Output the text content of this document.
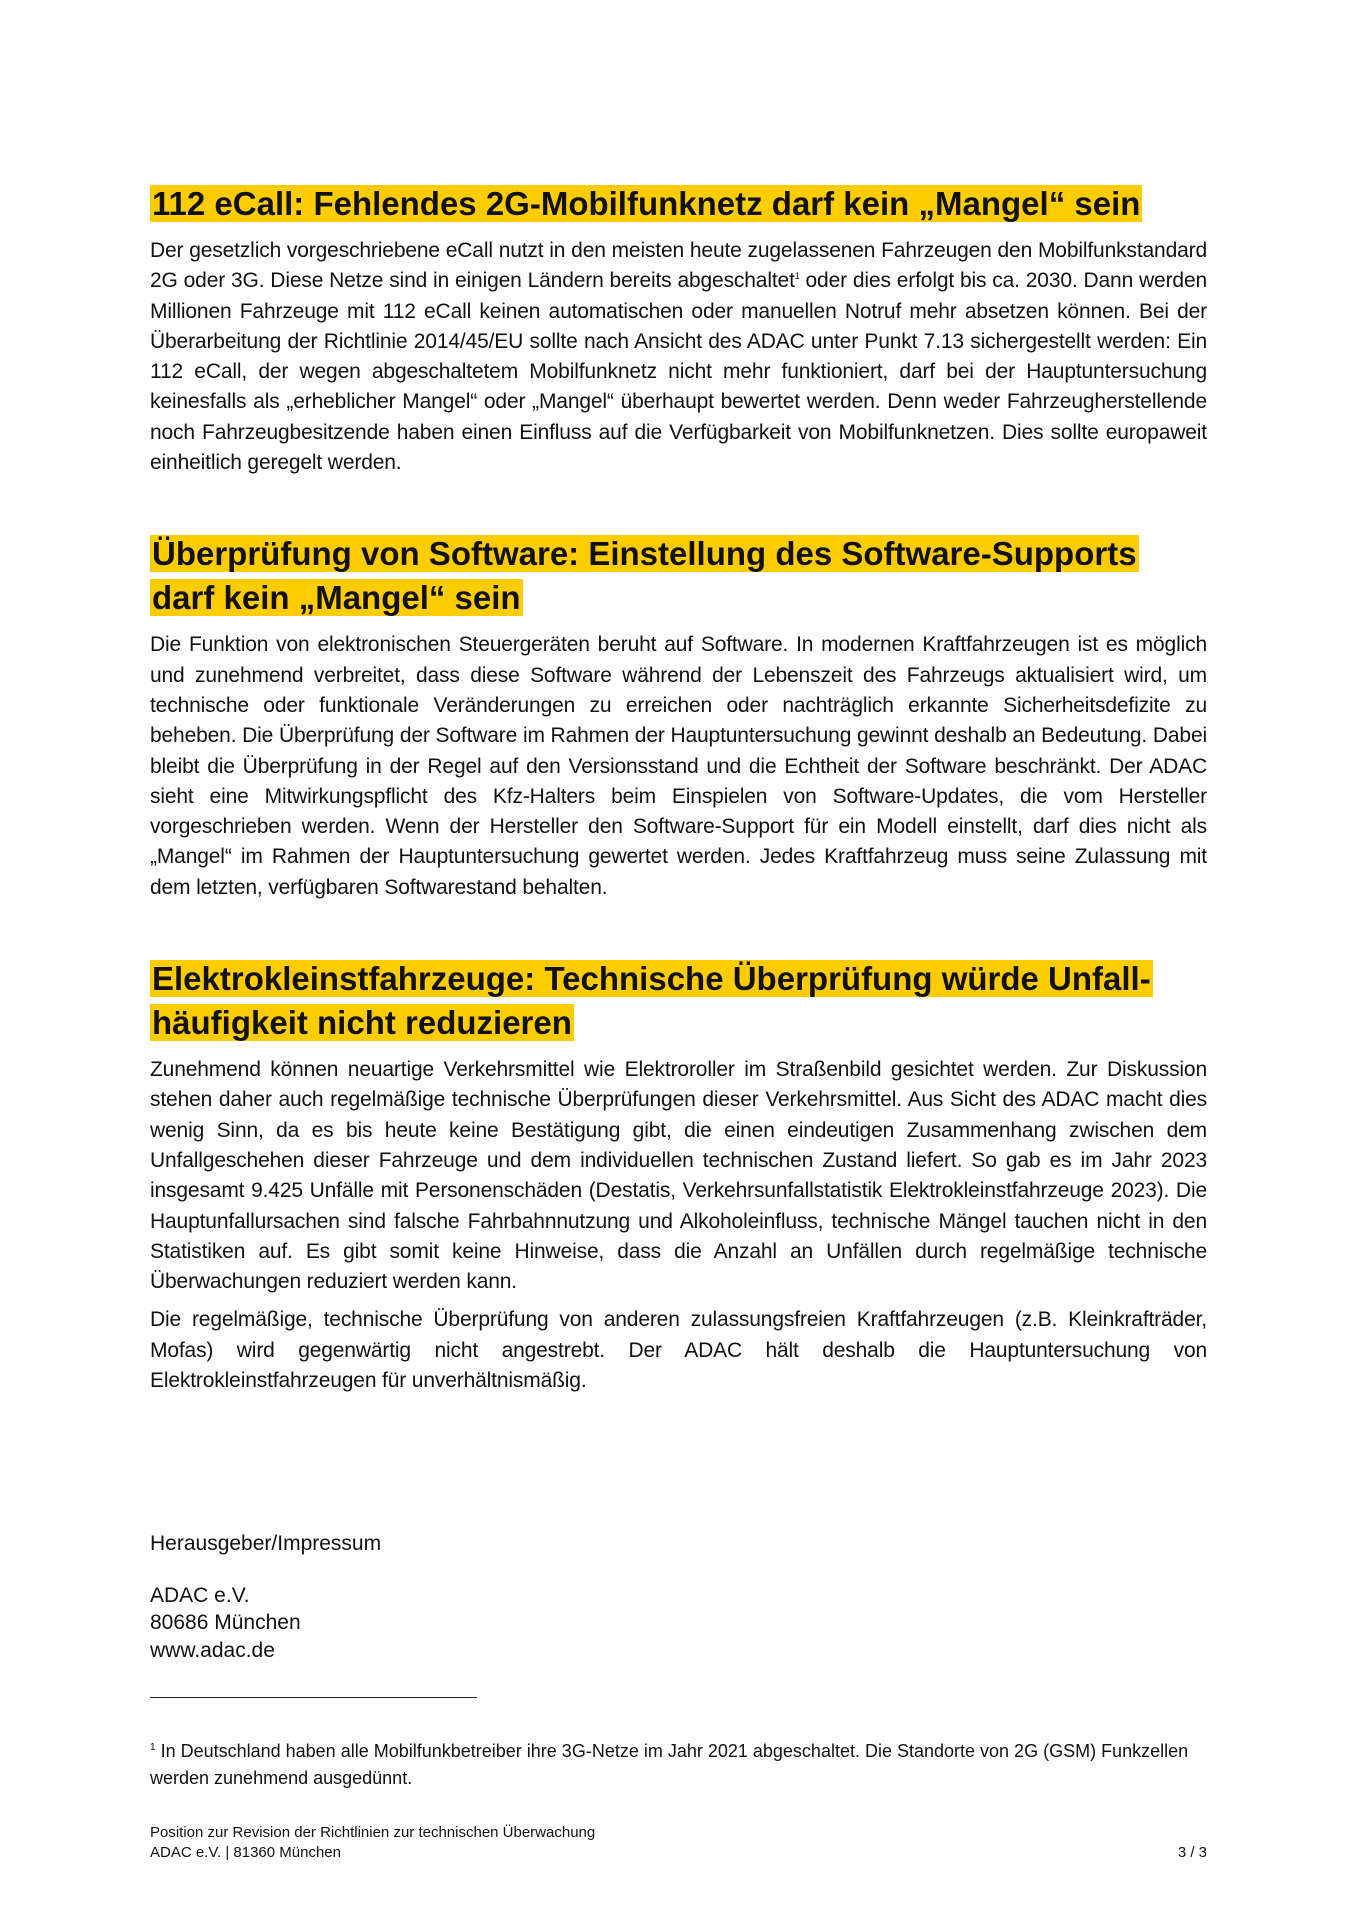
112 eCall: Fehlendes 2G-Mobilfunknetz darf kein „Mangel“ sein

Der gesetzlich vorgeschriebene eCall nutzt in den meisten heute zugelassenen Fahrzeugen den Mobilfunkstandard 2G oder 3G. Diese Netze sind in einigen Ländern bereits abgeschaltet$^1$ oder dies erfolgt bis ca. 2030. Dann werden Millionen Fahrzeuge mit 112 eCall keinen automatischen oder manuellen Notruf mehr absetzen können. Bei der Überarbeitung der Richtlinie 2014/45/EU sollte nach Ansicht des ADAC unter Punkt 7.13 sichergestellt werden: Ein 112 eCall, der wegen abgeschaltetem Mobilfunknetz nicht mehr funktioniert, darf bei der Hauptuntersuchung keinesfalls als „erheblicher Mangel“ oder „Mangel“ überhaupt bewertet werden. Denn weder Fahrzeugherstellende noch Fahrzeugbesitzende haben einen Einfluss auf die Verfügbarkeit von Mobilfunknetzen. Dies sollte europaweit einheitlich geregelt werden.

Überprüfung von Software: Einstellung des Software-Supports darf kein „Mangel“ sein

Die Funktion von elektronischen Steuergeräten beruht auf Software. In modernen Kraftfahrzeugen ist es möglich und zunehmend verbreitet, dass diese Software während der Lebenszeit des Fahrzeugs aktualisiert wird, um technische oder funktionale Veränderungen zu erreichen oder nachträglich erkannte Sicherheitsdefizite zu beheben. Die Überprüfung der Software im Rahmen der Hauptuntersuchung gewinnt deshalb an Bedeutung. Dabei bleibt die Überprüfung in der Regel auf den Versionsstand und die Echtheit der Software beschränkt. Der ADAC sieht eine Mitwirkungspflicht des Kfz-Halters beim Einspielen von Software-Updates, die vom Hersteller vorgeschrieben werden. Wenn der Hersteller den Software-Support für ein Modell einstellt, darf dies nicht als „Mangel“ im Rahmen der Hauptuntersuchung gewertet werden. Jedes Kraftfahrzeug muss seine Zulassung mit dem letzten, verfügbaren Softwarestand behalten.

Elektrokleinstfahrzeuge: Technische Überprüfung würde Unfallhäufigkeit nicht reduzieren

Zunehmend können neuartige Verkehrsmittel wie Elektroroller im Straßenbild gesichtet werden. Zur Diskussion stehen daher auch regelmäßige technische Überprüfungen dieser Verkehrsmittel. Aus Sicht des ADAC macht dies wenig Sinn, da es bis heute keine Bestätigung gibt, die einen eindeutigen Zusammenhang zwischen dem Unfallgeschehen dieser Fahrzeuge und dem individuellen technischen Zustand liefert. So gab es im Jahr 2023 insgesamt 9.425 Unfälle mit Personenschäden (Destatis, Verkehrsunfallstatistik Elektrokleinstfahrzeuge 2023). Die Hauptunfallursachen sind falsche Fahrbahnnutzung und Alkoholeinfluss, technische Mängel tauchen nicht in den Statistiken auf. Es gibt somit keine Hinweise, dass die Anzahl an Unfällen durch regelmäßige technische Überwachungen reduziert werden kann.

Die regelmäßige, technische Überprüfung von anderen zulassungsfreien Kraftfahrzeugen (z.B. Kleinkrafträder, Mofas) wird gegenwärtig nicht angestrebt. Der ADAC hält deshalb die Hauptuntersuchung von Elektrokleinstfahrzeugen für unverhältnismäßig.

Herausgeber/Impressum

ADAC e.V.

80686 München

www.adac.de

$^1$ In Deutschland haben alle Mobilfunkbetreiber ihre 3G-Netze im Jahr 2021 abgeschaltet. Die Standorte von 2G (GSM) Funkzellen werden zunehmend ausgedünnt.
Position zur Revision der Richtlinien zur technischen Überwachung
ADAC e.V. | 81360 München	3 / 3
